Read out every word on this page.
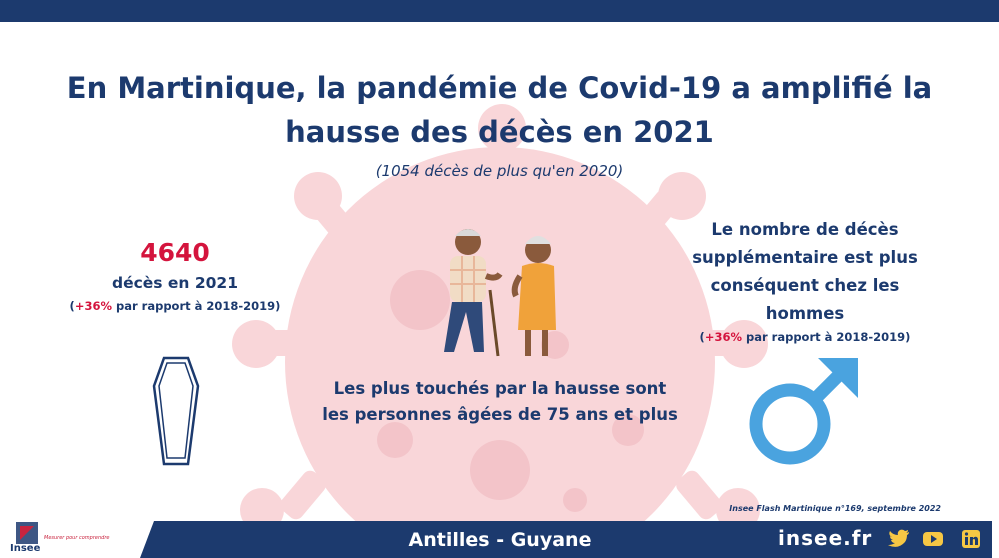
En Martinique, la pandémie de Covid-19 a amplifié la
hausse des décès en 2021
(1054 décès de plus qu'en 2020)
4640
décès en 2021
(+36% par rapport à 2018-2019)
Les plus touchés par la hausse sont
les personnes âgées de 75 ans et plus
Le nombre de décès
supplémentaire est plus
conséquent chez les
hommes
(+36% par rapport à 2018-2019)
Insee Flash Martinique n°169, septembre 2022
Antilles - Guyane	insee.fr
Insee
Mesurer pour comprendre
